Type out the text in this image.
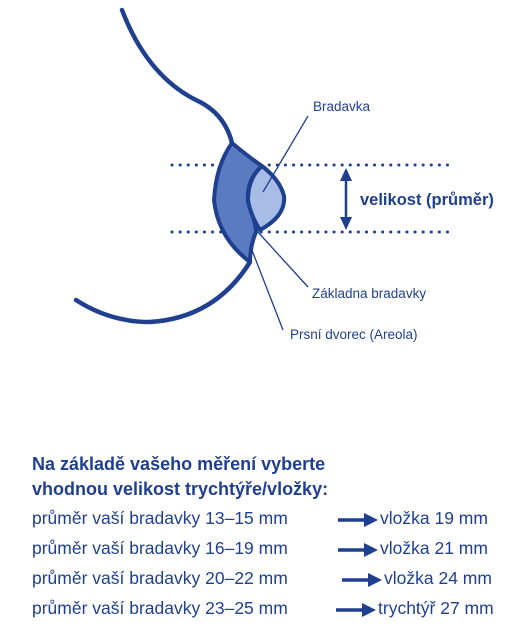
Bradavka
velikost (průměr)
Základna bradavky
Prsní dvorec (Areola)
Na základě vašeho měření vyberte
vhodnou velikost trychtýře/vložky:
průměr vaší bradavky 13–15 mm	vložka 19 mm
průměr vaší bradavky 16–19 mm	vložka 21 mm
průměr vaší bradavky 20–22 mm	vložka 24 mm
průměr vaší bradavky 23–25 mm	trychtýř 27 mm
